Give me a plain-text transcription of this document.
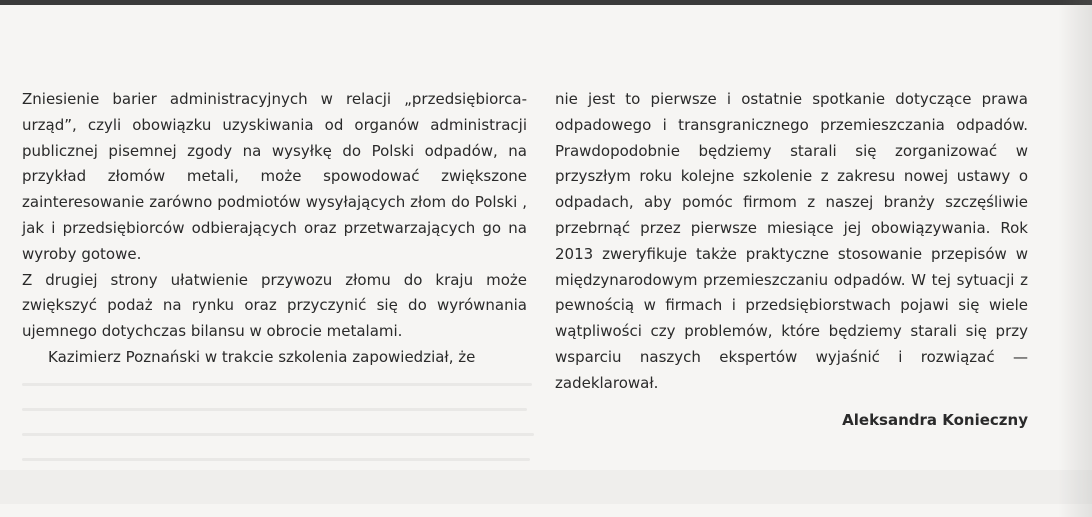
Zniesienie barier administracyjnych w relacji „przedsiębiorca-urząd”, czyli obowiązku uzyskiwania od organów administracji publicznej pisemnej zgody na wysyłkę do Polski odpadów, na przykład złomów metali, może spowodować zwiększone zainteresowanie zarówno podmiotów wysyłających złom do Polski , jak i przedsiębiorców odbierających oraz przetwarzających go na wyroby gotowe.

Z drugiej strony ułatwienie przywozu złomu do kraju może zwiększyć podaż na rynku oraz przyczynić się do wyrównania ujemnego dotychczas bilansu w obrocie metalami.

Kazimierz Poznański w trakcie szkolenia zapowiedział, że

nie jest to pierwsze i ostatnie spotkanie dotyczące prawa odpadowego i transgranicznego przemieszczania odpadów. Prawdopodobnie będziemy starali się zorganizować w przyszłym roku kolejne szkolenie z zakresu nowej ustawy o odpadach, aby pomóc firmom z naszej branży szczęśliwie przebrnąć przez pierwsze miesiące jej obowiązywania. Rok 2013 zweryfikuje także praktyczne stosowanie przepisów w międzynarodowym przemieszczaniu odpadów. W tej sytuacji z pewnością w firmach i przedsiębiorstwach pojawi się wiele wątpliwości czy problemów, które będziemy starali się przy wsparciu naszych ekspertów wyjaśnić i rozwiązać — zadeklarował.

Aleksandra Konieczny
